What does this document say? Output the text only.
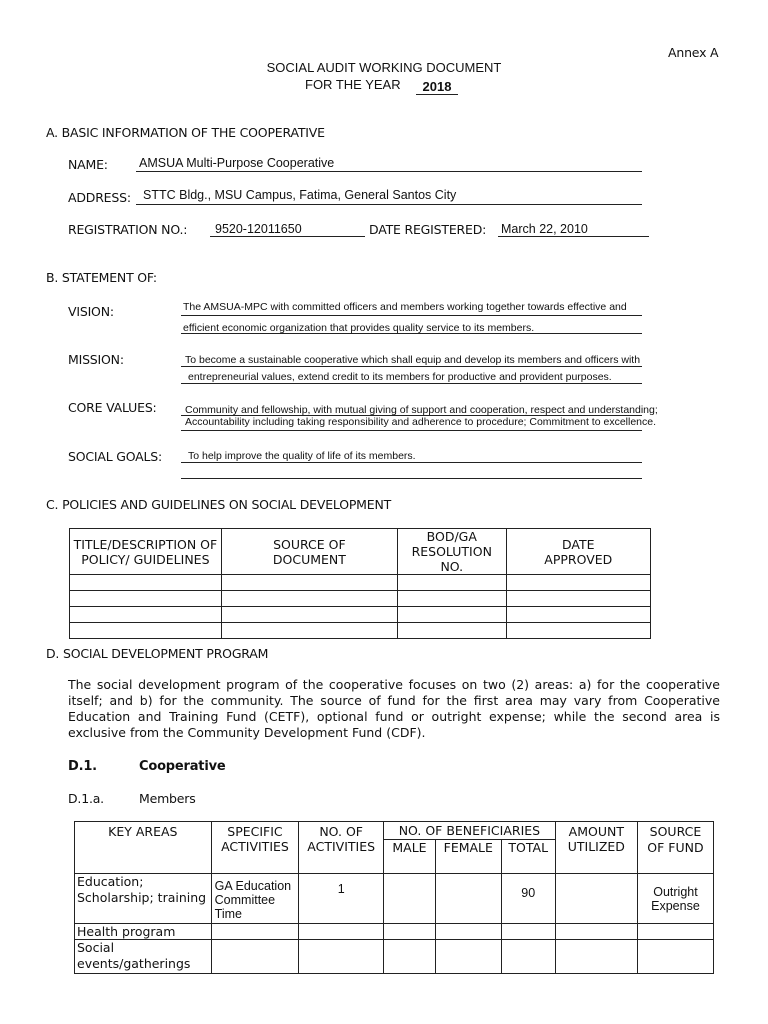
Annex A
SOCIAL AUDIT WORKING DOCUMENT
FOR THE YEAR	2018
A. BASIC INFORMATION OF THE COOPERATIVE
NAME: AMSUA Multi-Purpose Cooperative
ADDRESS: STTC Bldg., MSU Campus, Fatima, General Santos City
REGISTRATION NO.: 9520-12011650	DATE REGISTERED: March 22, 2010
B. STATEMENT OF:
VISION:	The AMSUA-MPC with committed officers and members working together towards effective and
efficient economic organization that provides quality service to its members.
MISSION:	To become a sustainable cooperative which shall equip and develop its members and officers with
entrepreneurial values, extend credit to its members for productive and provident purposes.
CORE VALUES:	Community and fellowship, with mutual giving of support and cooperation, respect and understanding;
Accountability including taking responsibility and adherence to procedure; Commitment to excellence.
SOCIAL GOALS: To help improve the quality of life of its members.
C. POLICIES AND GUIDELINES ON SOCIAL DEVELOPMENT
TITLE/DESCRIPTION OF POLICY/ GUIDELINES	SOURCE OF DOCUMENT	BOD/GA RESOLUTION NO.	DATE APPROVED

D. SOCIAL DEVELOPMENT PROGRAM
The social development program of the cooperative focuses on two (2) areas: a) for the cooperative itself; and b) for the community. The source of fund for the first area may vary from Cooperative Education and Training Fund (CETF), optional fund or outright expense; while the second area is exclusive from the Community Development Fund (CDF).
D.1.	Cooperative
D.1.a.	Members
KEY AREAS	SPECIFIC ACTIVITIES	NO. OF ACTIVITIES	NO. OF BENEFICIARIES			AMOUNT UTILIZED	SOURCE OF FUND
			MALE	FEMALE	TOTAL		
Education; Scholarship; training	GA Education Committee Time	1			90		Outright Expense
Health program							
Social events/gatherings							
